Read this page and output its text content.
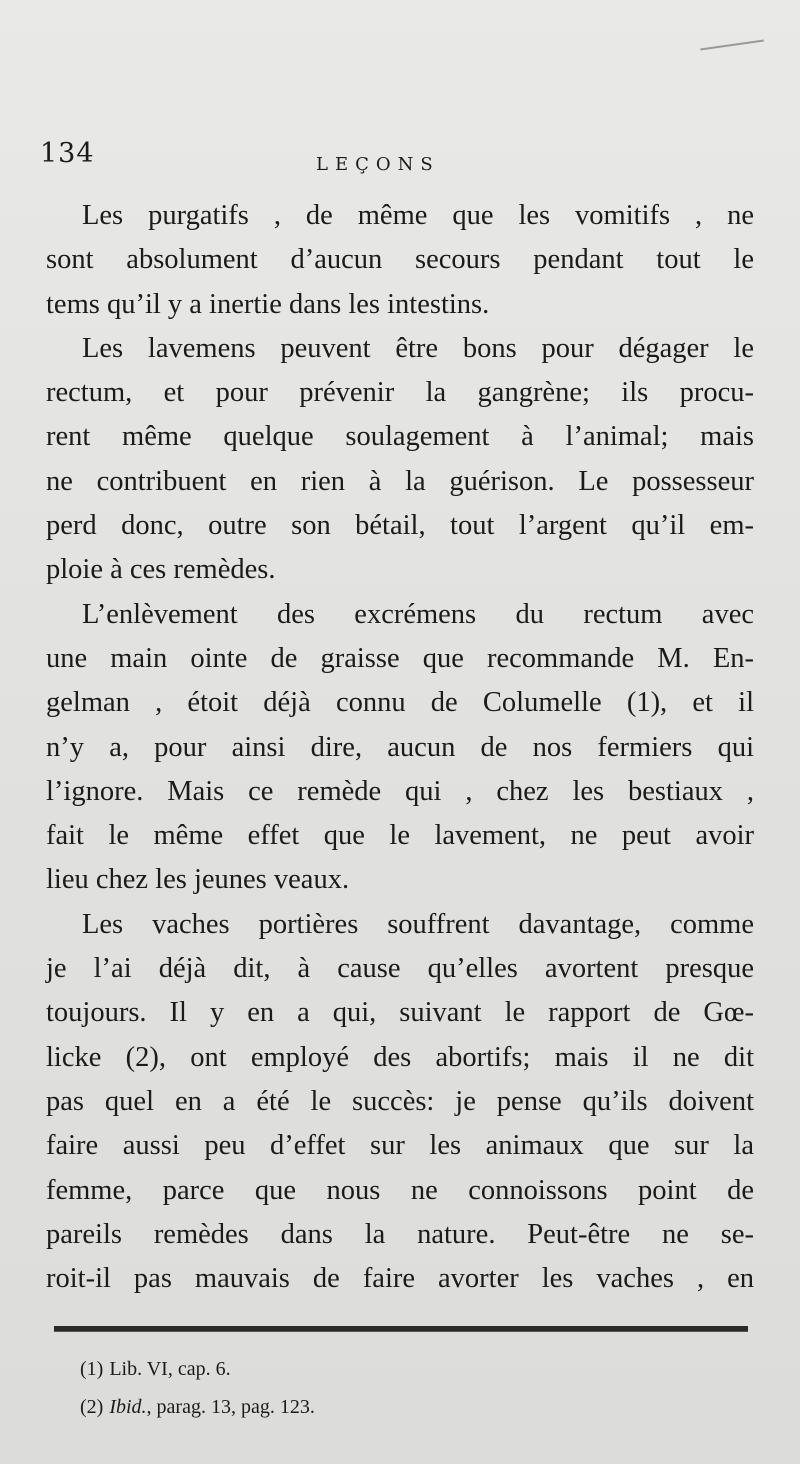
134	LEÇONS

Les purgatifs , de même que les vomitifs , ne
sont absolument d’aucun secours pendant tout le
tems qu’il y a inertie dans les intestins.

Les lavemens peuvent être bons pour dégager le
rectum, et pour prévenir la gangrène; ils procu-
rent même quelque soulagement à l’animal; mais
ne contribuent en rien à la guérison. Le possesseur
perd donc, outre son bétail, tout l’argent qu’il em-
ploie à ces remèdes.

L’enlèvement des excrémens du rectum avec
une main ointe de graisse que recommande M. En-
gelman , étoit déjà connu de Columelle (1), et il
n’y a, pour ainsi dire, aucun de nos fermiers qui
l’ignore. Mais ce remède qui , chez les bestiaux ,
fait le même effet que le lavement, ne peut avoir
lieu chez les jeunes veaux.

Les vaches portières souffrent davantage, comme
je l’ai déjà dit, à cause qu’elles avortent presque
toujours. Il y en a qui, suivant le rapport de Gœ-
licke (2), ont employé des abortifs; mais il ne dit
pas quel en a été le succès: je pense qu’ils doivent
faire aussi peu d’effet sur les animaux que sur la
femme, parce que nous ne connoissons point de
pareils remèdes dans la nature. Peut-être ne se-
roit-il pas mauvais de faire avorter les vaches , en

(1) Lib. VI, cap. 6.
(2) Ibid., parag. 13, pag. 123.
